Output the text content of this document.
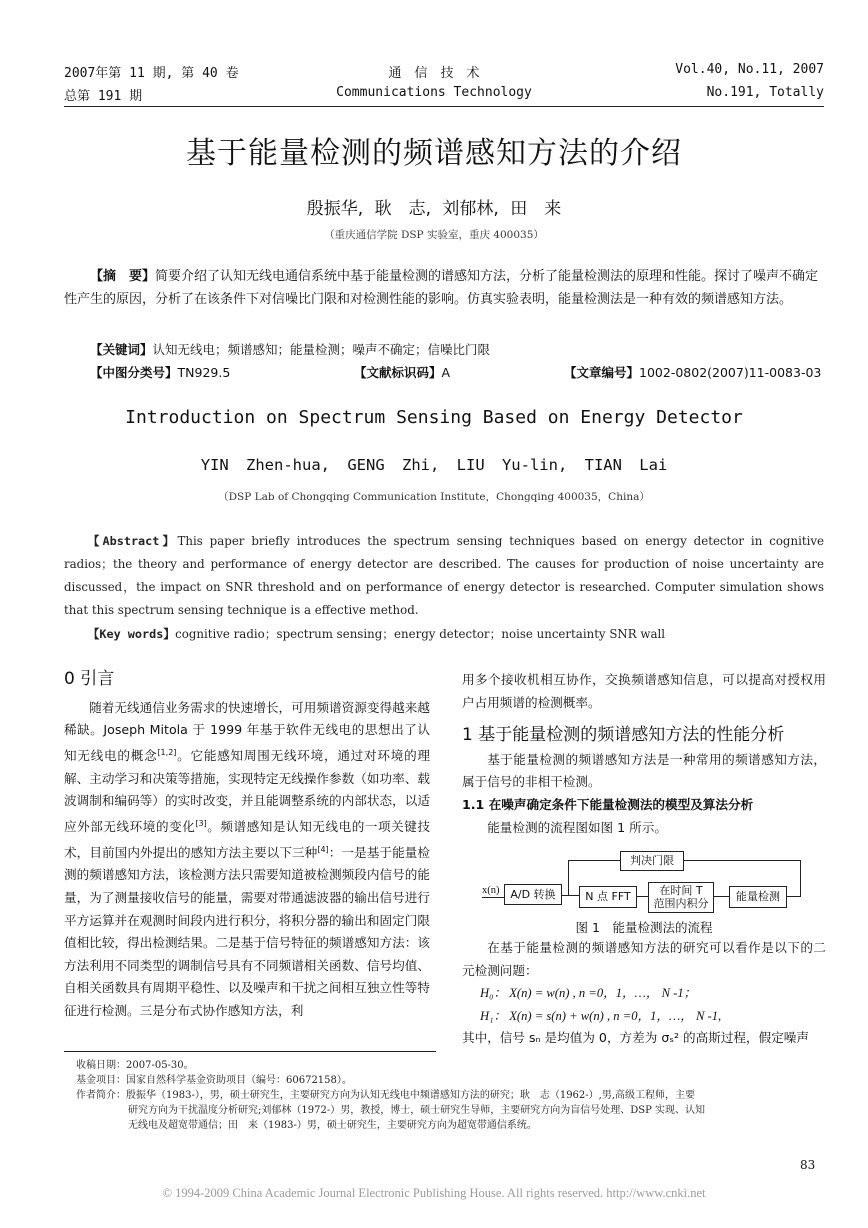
2007年第 11 期, 第 40 卷
总第 191 期
通　信　技　术
Communications Technology
Vol.40, No.11, 2007
No.191, Totally
基于能量检测的频谱感知方法的介绍
殷振华, 耿　志, 刘郁林, 田　来
（重庆通信学院 DSP 实验室，重庆 400035）
【摘　要】简要介绍了认知无线电通信系统中基于能量检测的谱感知方法，分析了能量检测法的原理和性能。探讨了噪声不确定性产生的原因，分析了在该条件下对信噪比门限和对检测性能的影响。仿真实验表明，能量检测法是一种有效的频谱感知方法。
【关键词】认知无线电；频谱感知；能量检测；噪声不确定；信噪比门限
【中图分类号】TN929.5	【文献标识码】A	【文章编号】1002-0802(2007)11-0083-03
Introduction on Spectrum Sensing Based on Energy Detector
YIN Zhen-hua, GENG Zhi, LIU Yu-lin, TIAN Lai
（DSP Lab of Chongqing Communication Institute，Chongqing 400035，China）
【Abstract】This paper briefly introduces the spectrum sensing techniques based on energy detector in cognitive radios；the theory and performance of energy detector are described. The causes for production of noise uncertainty are discussed，the impact on SNR threshold and on performance of energy detector is researched. Computer simulation shows that this spectrum sensing technique is a effective method.
【Key words】cognitive radio；spectrum sensing；energy detector；noise uncertainty SNR wall
0 引言

随着无线通信业务需求的快速增长，可用频谱资源变得越来越稀缺。Joseph Mitola 于 1999 年基于软件无线电的思想出了认知无线电的概念[1,2]。它能感知周围无线环境，通过对环境的理解、主动学习和决策等措施，实现特定无线操作参数（如功率、载波调制和编码等）的实时改变，并且能调整系统的内部状态，以适应外部无线环境的变化[3]。频谱感知是认知无线电的一项关键技术，目前国内外提出的感知方法主要以下三种[4]：一是基于能量检测的频谱感知方法，该检测方法只需要知道被检测频段内信号的能量，为了测量接收信号的能量，需要对带通滤波器的输出信号进行平方运算并在观测时间段内进行积分，将积分器的输出和固定门限值相比较，得出检测结果。二是基于信号特征的频谱感知方法：该方法利用不同类型的调制信号具有不同频谱相关函数、信号均值、自相关函数具有周期平稳性、以及噪声和干扰之间相互独立性等特征进行检测。三是分布式协作感知方法，利

用多个接收机相互协作，交换频谱感知信息，可以提高对授权用户占用频谱的检测概率。

1 基于能量检测的频谱感知方法的性能分析

基于能量检测的频谱感知方法是一种常用的频谱感知方法，属于信号的非相干检测。

1.1 在噪声确定条件下能量检测法的模型及算法分析

能量检测的流程图如图 1 所示。

x(n) A/D 转换	N 点 FFT	在时间 T
范围内积分
能量检测
判决门限
图 1　能量检测法的流程

在基于能量检测的频谱感知方法的研究可以看作是以下的二元检测问题：

H₀： X(n) = w(n) , n =0，1，…， N -1；
H₁： X(n) = s(n) + w(n) , n =0，1，…， N -1,

其中，信号 sₙ 是均值为 0，方差为 σₛ² 的高斯过程，假定噪声

收稿日期：2007-05-30。
基金项目：国家自然科学基金资助项目（编号：60672158）。
作者简介：殷振华（1983-），男，硕士研究生，主要研究方向为认知无线电中频谱感知方法的研究；耿　志（1962-）,男,高级工程师，主要
研究方向为干扰温度分析研究;刘郁林（1972-）男，教授，博士，硕士研究生导师，主要研究方向为盲信号处理、DSP 实现、认知
无线电及超宽带通信；田　来（1983-）男，硕士研究生，主要研究方向为超宽带通信系统。
83
© 1994-2009 China Academic Journal Electronic Publishing House. All rights reserved. http://www.cnki.net
